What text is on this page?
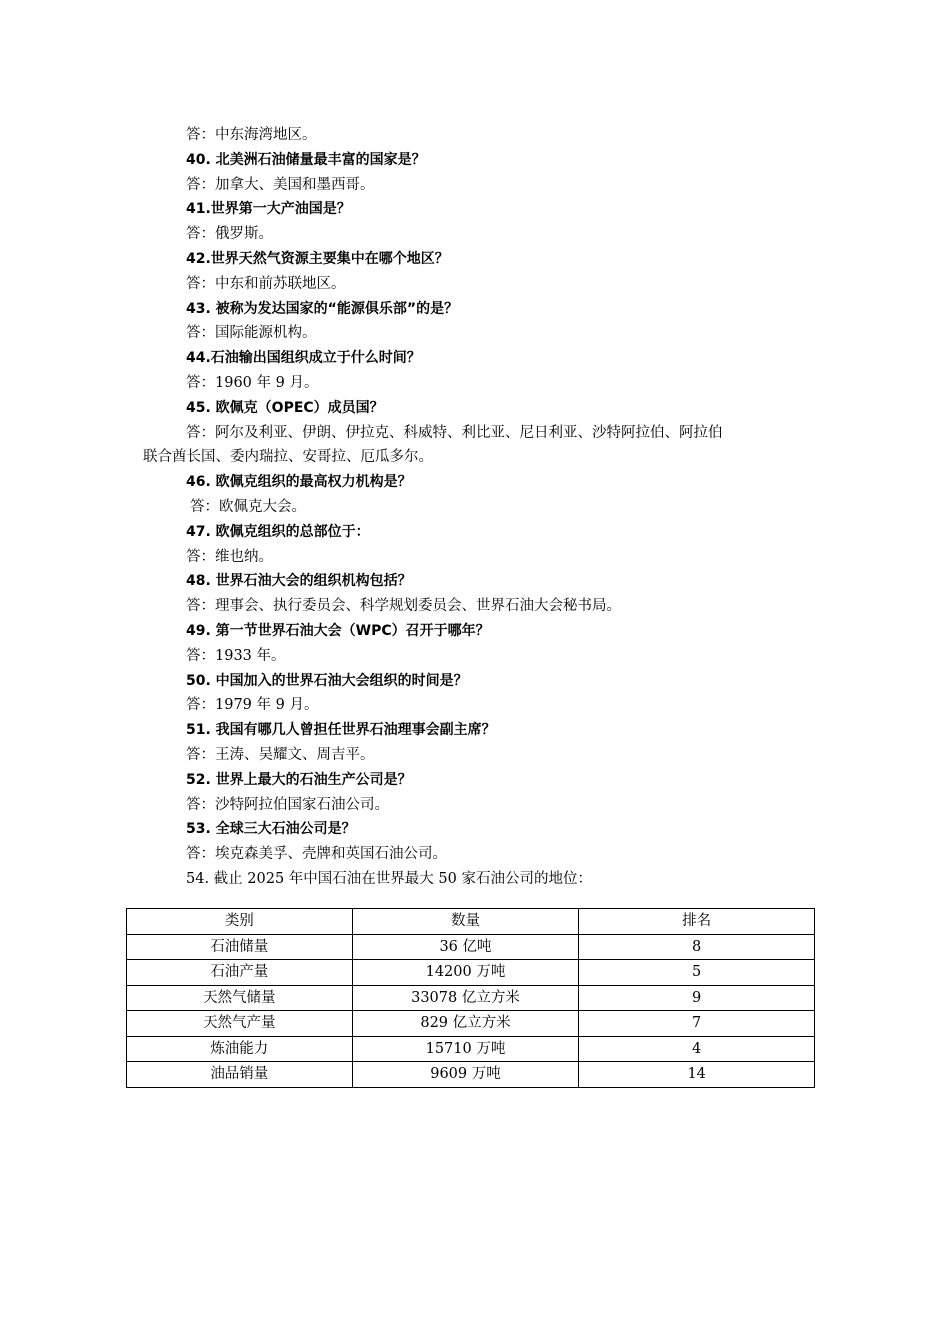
答：中东海湾地区。
40. 北美洲石油储量最丰富的国家是？
答：加拿大、美国和墨西哥。
41.世界第一大产油国是？
答：俄罗斯。
42.世界天然气资源主要集中在哪个地区？
答：中东和前苏联地区。
43. 被称为发达国家的“能源俱乐部”的是？
答：国际能源机构。
44.石油输出国组织成立于什么时间？
答：1960 年 9 月。
45. 欧佩克（OPEC）成员国？
答：阿尔及利亚、伊朗、伊拉克、科威特、利比亚、尼日利亚、沙特阿拉伯、阿拉伯
联合酋长国、委内瑞拉、安哥拉、厄瓜多尔。
46. 欧佩克组织的最高权力机构是？
答：欧佩克大会。
47. 欧佩克组织的总部位于：
答：维也纳。
48. 世界石油大会的组织机构包括？
答：理事会、执行委员会、科学规划委员会、世界石油大会秘书局。
49. 第一节世界石油大会（WPC）召开于哪年？
答：1933 年。
50. 中国加入的世界石油大会组织的时间是？
答：1979 年 9 月。
51. 我国有哪几人曾担任世界石油理事会副主席？
答：王涛、吴耀文、周吉平。
52. 世界上最大的石油生产公司是？
答：沙特阿拉伯国家石油公司。
53. 全球三大石油公司是？
答：埃克森美孚、壳牌和英国石油公司。
54. 截止 2025 年中国石油在世界最大 50 家石油公司的地位：
类别	数量	排名
石油储量	36 亿吨	8
石油产量	14200 万吨	5
天然气储量	33078 亿立方米	9
天然气产量	829 亿立方米	7
炼油能力	15710 万吨	4
油品销量	9609 万吨	14
